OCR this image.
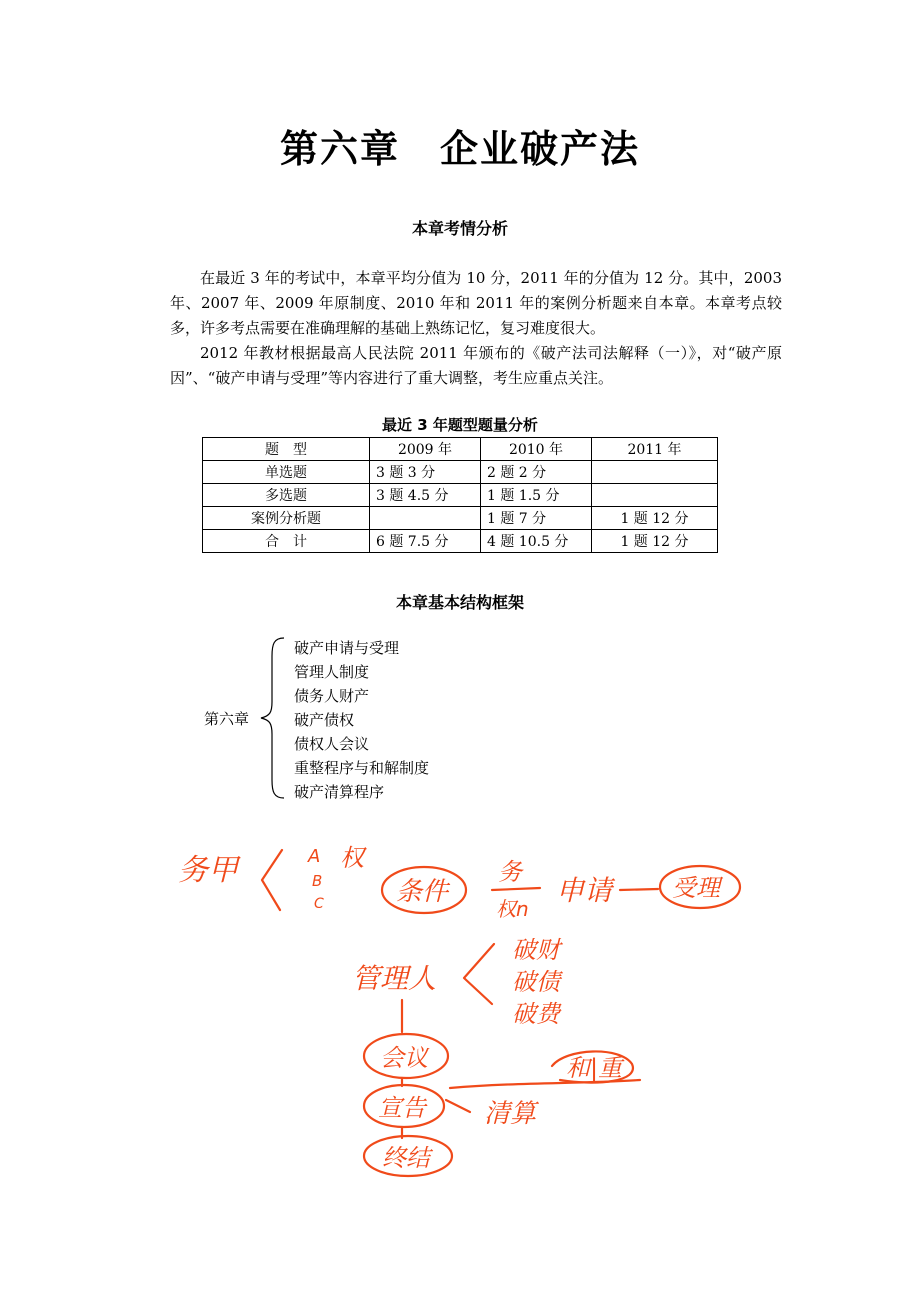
第六章　企业破产法
本章考情分析

在最近 3 年的考试中，本章平均分值为 10 分，2011 年的分值为 12 分。其中，2003 年、2007 年、2009 年原制度、2010 年和 2011 年的案例分析题来自本章。本章考点较多，许多考点需要在准确理解的基础上熟练记忆，复习难度很大。

2012 年教材根据最高人民法院 2011 年颁布的《破产法司法解释（一）》，对“破产原因”、“破产申请与受理”等内容进行了重大调整，考生应重点关注。

最近 3 年题型题量分析
题　型	2009 年	2010 年	2011 年
单选题	3 题 3 分	2 题 2 分	
多选题	3 题 4.5 分	1 题 1.5 分	
案例分析题		1 题 7 分	1 题 12 分
合　计	6 题 7.5 分	4 题 10.5 分	1 题 12 分
本章基本结构框架
第六章
破产申请与受理
管理人制度
债务人财产
破产债权
债权人会议
重整程序与和解制度
破产清算程序
务甲	A
B
C
权
条件
务
权n
申请 受理
管理人
破财
破债
破费
会议
宣告 清算
和|重
终结
